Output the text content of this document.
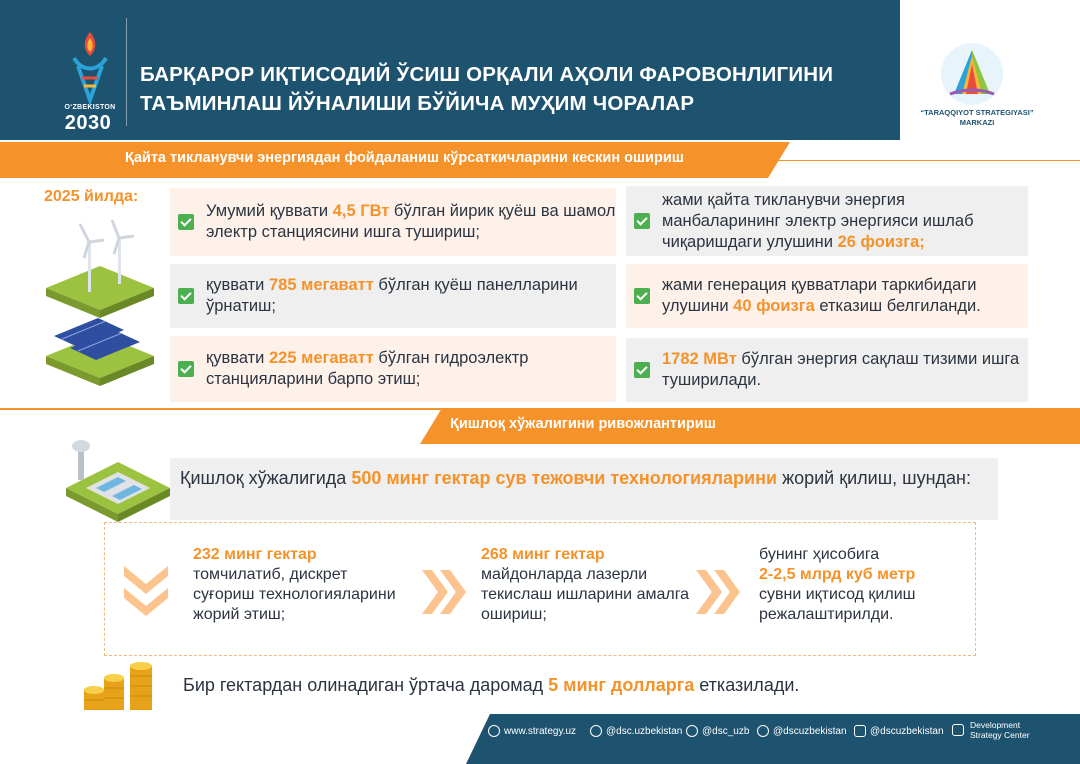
OʻZBEKISTON
2030
БАРҚАРОР ИҚТИСОДИЙ ЎСИШ ОРҚАЛИ АҲОЛИ ФАРОВОНЛИГИНИ ТАЪМИНЛАШ ЙЎНАЛИШИ БЎЙИЧА МУҲИМ ЧОРАЛАР	“TARAQQIYOT STRATEGIYASI”
MARKAZI
Қайта тикланувчи энергиядан фойдаланиш кўрсаткичларини кескин ошириш
2025 йилда:
Умумий қуввати 4,5 ГВт бўлган йирик қуёш ва шамол электр станциясини ишга тушириш;
қуввати 785 мегаватт бўлган қуёш панелларини ўрнатиш;
қуввати 225 мегаватт бўлган гидроэлектр станцияларини барпо этиш;
жами қайта тикланувчи энергия манбаларининг электр энергияси ишлаб чиқаришдаги улушини 26 фоизга;
жами генерация қувватлари таркибидаги улушини 40 фоизга етказиш белгиланди.
1782 МВт бўлган энергия сақлаш тизими ишга туширилади.
Қишлоқ хўжалигини ривожлантириш
Қишлоқ хўжалигида 500 минг гектар сув тежовчи технологияларини жорий қилиш, шундан:
232 минг гектар
томчилатиб, дискрет суғориш технологияларини жорий этиш;
268 минг гектар
майдонларда лазерли текислаш ишларини амалга ошириш;
бунинг ҳисобига
2-2,5 млрд куб метр
сувни иқтисод қилиш режалаштирилди.
Бир гектардан олинадиган ўртача даромад 5 минг долларга етказилади.
www.strategy.uz	@dsc.uzbekistan @dsc_uzb @dscuzbekistan @dscuzbekistan
Development
Strategy Center
